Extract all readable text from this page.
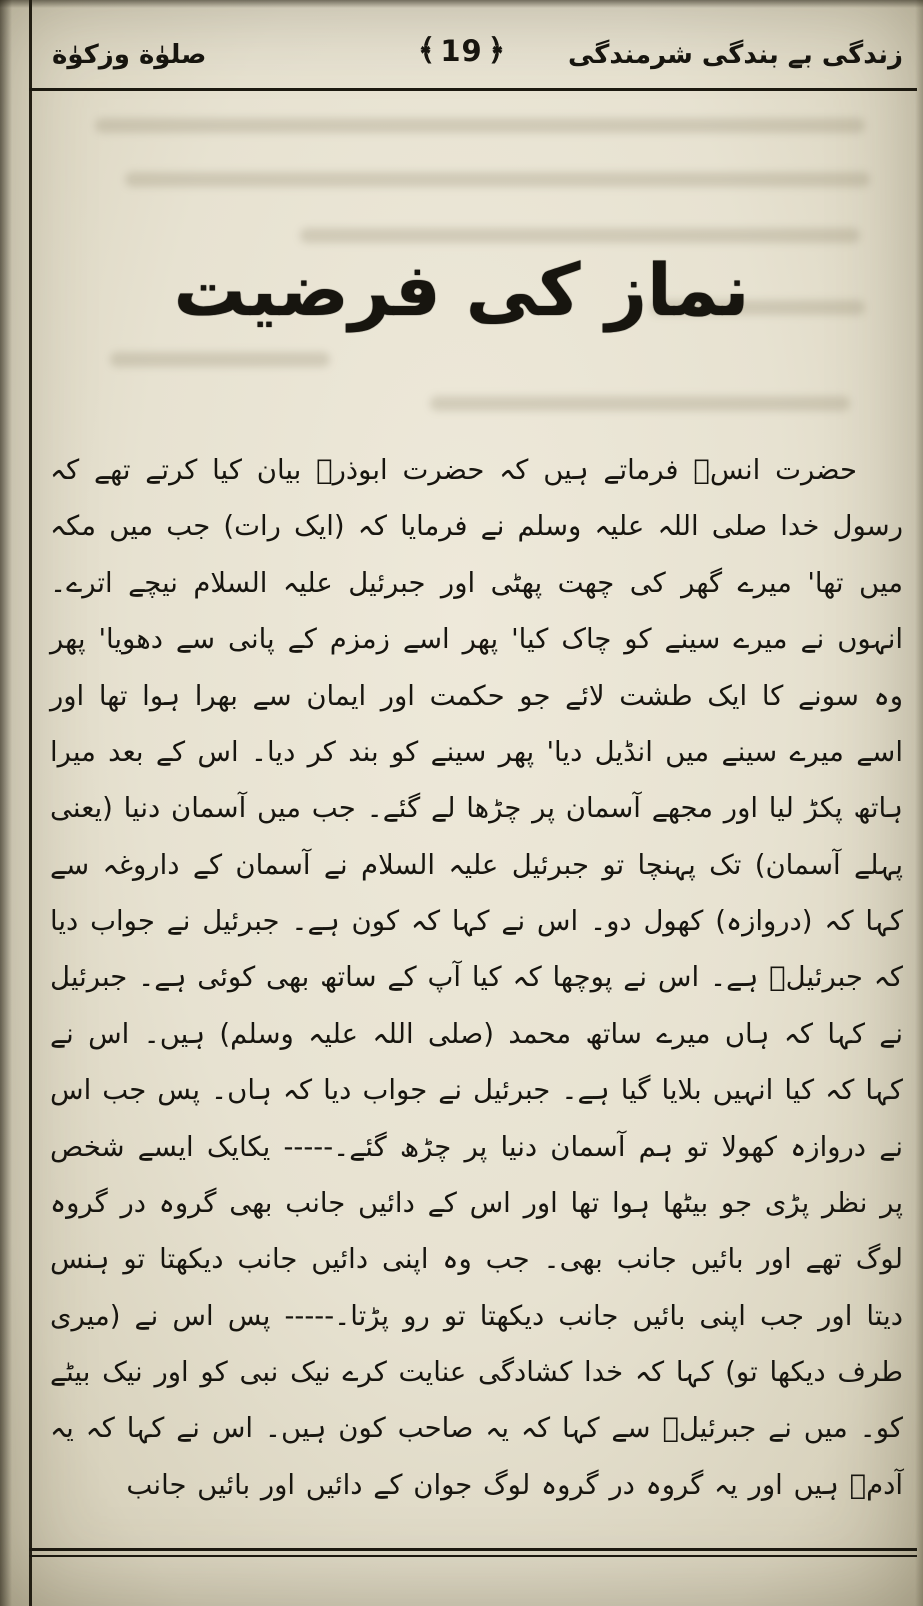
صلوٰة وزکوٰة	﴾ 19 ﴿ زندگی بے بندگی شرمندگی
نماز کی فرضیت
حضرت انسؓ فرماتے ہیں کہ حضرت ابوذرؓ بیان کیا کرتے تھے کہ رسول خدا صلی اللہ علیہ وسلم نے فرمایا کہ (ایک رات) جب میں مکہ میں تھا' میرے گھر کی چھت پھٹی اور جبرئیل علیہ السلام نیچے اترے۔ انہوں نے میرے سینے کو چاک کیا' پھر اسے زمزم کے پانی سے دھویا' پھر وہ سونے کا ایک طشت لائے جو حکمت اور ایمان سے بھرا ہوا تھا اور اسے میرے سینے میں انڈیل دیا' پھر سینے کو بند کر دیا۔ اس کے بعد میرا ہاتھ پکڑ لیا اور مجھے آسمان پر چڑھا لے گئے۔ جب میں آسمان دنیا (یعنی پہلے آسمان) تک پہنچا تو جبرئیل علیہ السلام نے آسمان کے داروغہ سے کہا کہ (دروازہ) کھول دو۔ اس نے کہا کہ کون ہے۔ جبرئیل نے جواب دیا کہ جبرئیلؑ ہے۔ اس نے پوچھا کہ کیا آپ کے ساتھ بھی کوئی ہے۔ جبرئیل نے کہا کہ ہاں میرے ساتھ محمد (صلی اللہ علیہ وسلم) ہیں۔ اس نے کہا کہ کیا انہیں بلایا گیا ہے۔ جبرئیل نے جواب دیا کہ ہاں۔ پس جب اس نے دروازہ کھولا تو ہم آسمان دنیا پر چڑھ گئے۔----- یکایک ایسے شخص پر نظر پڑی جو بیٹھا ہوا تھا اور اس کے دائیں جانب بھی گروہ در گروہ لوگ تھے اور بائیں جانب بھی۔ جب وہ اپنی دائیں جانب دیکھتا تو ہنس دیتا اور جب اپنی بائیں جانب دیکھتا تو رو پڑتا۔----- پس اس نے (میری طرف دیکھا تو) کہا کہ خدا کشادگی عنایت کرے نیک نبی کو اور نیک بیٹے کو۔ میں نے جبرئیلؑ سے کہا کہ یہ صاحب کون ہیں۔ اس نے کہا کہ یہ آدمؑ ہیں اور یہ گروہ در گروہ لوگ جوان کے دائیں اور بائیں جانب
